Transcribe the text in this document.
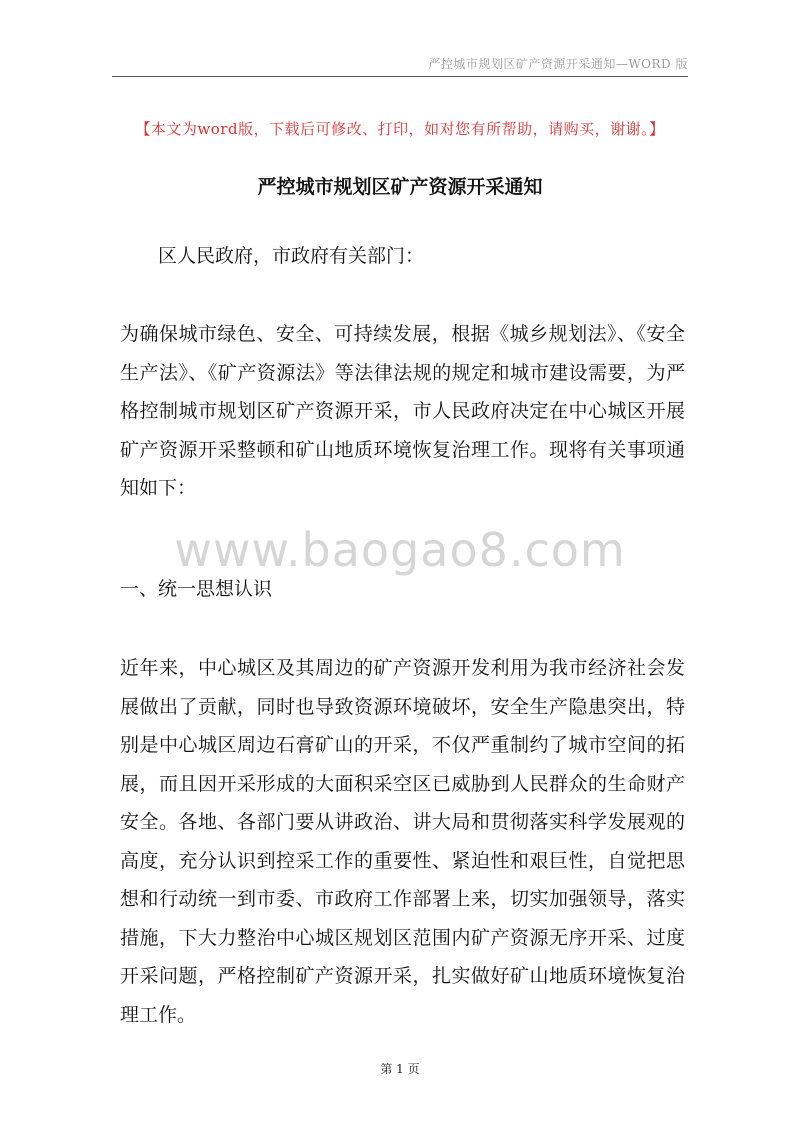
严控城市规划区矿产资源开采通知—WORD 版
【本文为word版，下载后可修改、打印，如对您有所帮助，请购买，谢谢。】
严控城市规划区矿产资源开采通知
区人民政府，市政府有关部门：

为确保城市绿色、安全、可持续发展，根据《城乡规划法》、《安全生产法》、《矿产资源法》等法律法规的规定和城市建设需要，为严格控制城市规划区矿产资源开采，市人民政府决定在中心城区开展矿产资源开采整顿和矿山地质环境恢复治理工作。现将有关事项通知如下：

www.baogao8.com
一、统一思想认识

近年来，中心城区及其周边的矿产资源开发利用为我市经济社会发展做出了贡献，同时也导致资源环境破坏，安全生产隐患突出，特别是中心城区周边石膏矿山的开采，不仅严重制约了城市空间的拓展，而且因开采形成的大面积采空区已威胁到人民群众的生命财产安全。各地、各部门要从讲政治、讲大局和贯彻落实科学发展观的高度，充分认识到控采工作的重要性、紧迫性和艰巨性，自觉把思想和行动统一到市委、市政府工作部署上来，切实加强领导，落实措施，下大力整治中心城区规划区范围内矿产资源无序开采、过度开采问题，严格控制矿产资源开采，扎实做好矿山地质环境恢复治理工作。

第 1 页
